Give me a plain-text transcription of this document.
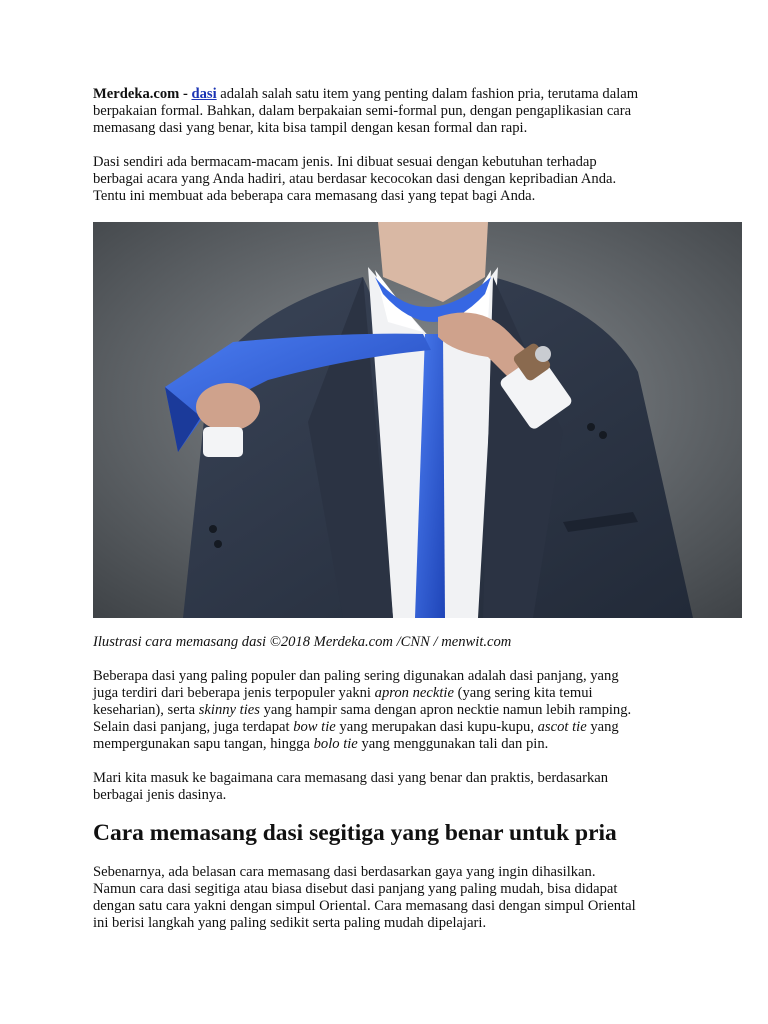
Merdeka.com - dasi adalah salah satu item yang penting dalam fashion pria, terutama dalam
berpakaian formal. Bahkan, dalam berpakaian semi-formal pun, dengan pengaplikasian cara
memasang dasi yang benar, kita bisa tampil dengan kesan formal dan rapi.

Dasi sendiri ada bermacam-macam jenis. Ini dibuat sesuai dengan kebutuhan terhadap
berbagai acara yang Anda hadiri, atau berdasar kecocokan dasi dengan kepribadian Anda.
Tentu ini membuat ada beberapa cara memasang dasi yang tepat bagi Anda.

Ilustrasi cara memasang dasi ©2018 Merdeka.com /CNN / menwit.com

Beberapa dasi yang paling populer dan paling sering digunakan adalah dasi panjang, yang
juga terdiri dari beberapa jenis terpopuler yakni apron necktie (yang sering kita temui
keseharian), serta skinny ties yang hampir sama dengan apron necktie namun lebih ramping.
Selain dasi panjang, juga terdapat bow tie yang merupakan dasi kupu-kupu, ascot tie yang
mempergunakan sapu tangan, hingga bolo tie yang menggunakan tali dan pin.

Mari kita masuk ke bagaimana cara memasang dasi yang benar dan praktis, berdasarkan
berbagai jenis dasinya.

Cara memasang dasi segitiga yang benar untuk pria

Sebenarnya, ada belasan cara memasang dasi berdasarkan gaya yang ingin dihasilkan.
Namun cara dasi segitiga atau biasa disebut dasi panjang yang paling mudah, bisa didapat
dengan satu cara yakni dengan simpul Oriental. Cara memasang dasi dengan simpul Oriental
ini berisi langkah yang paling sedikit serta paling mudah dipelajari.
